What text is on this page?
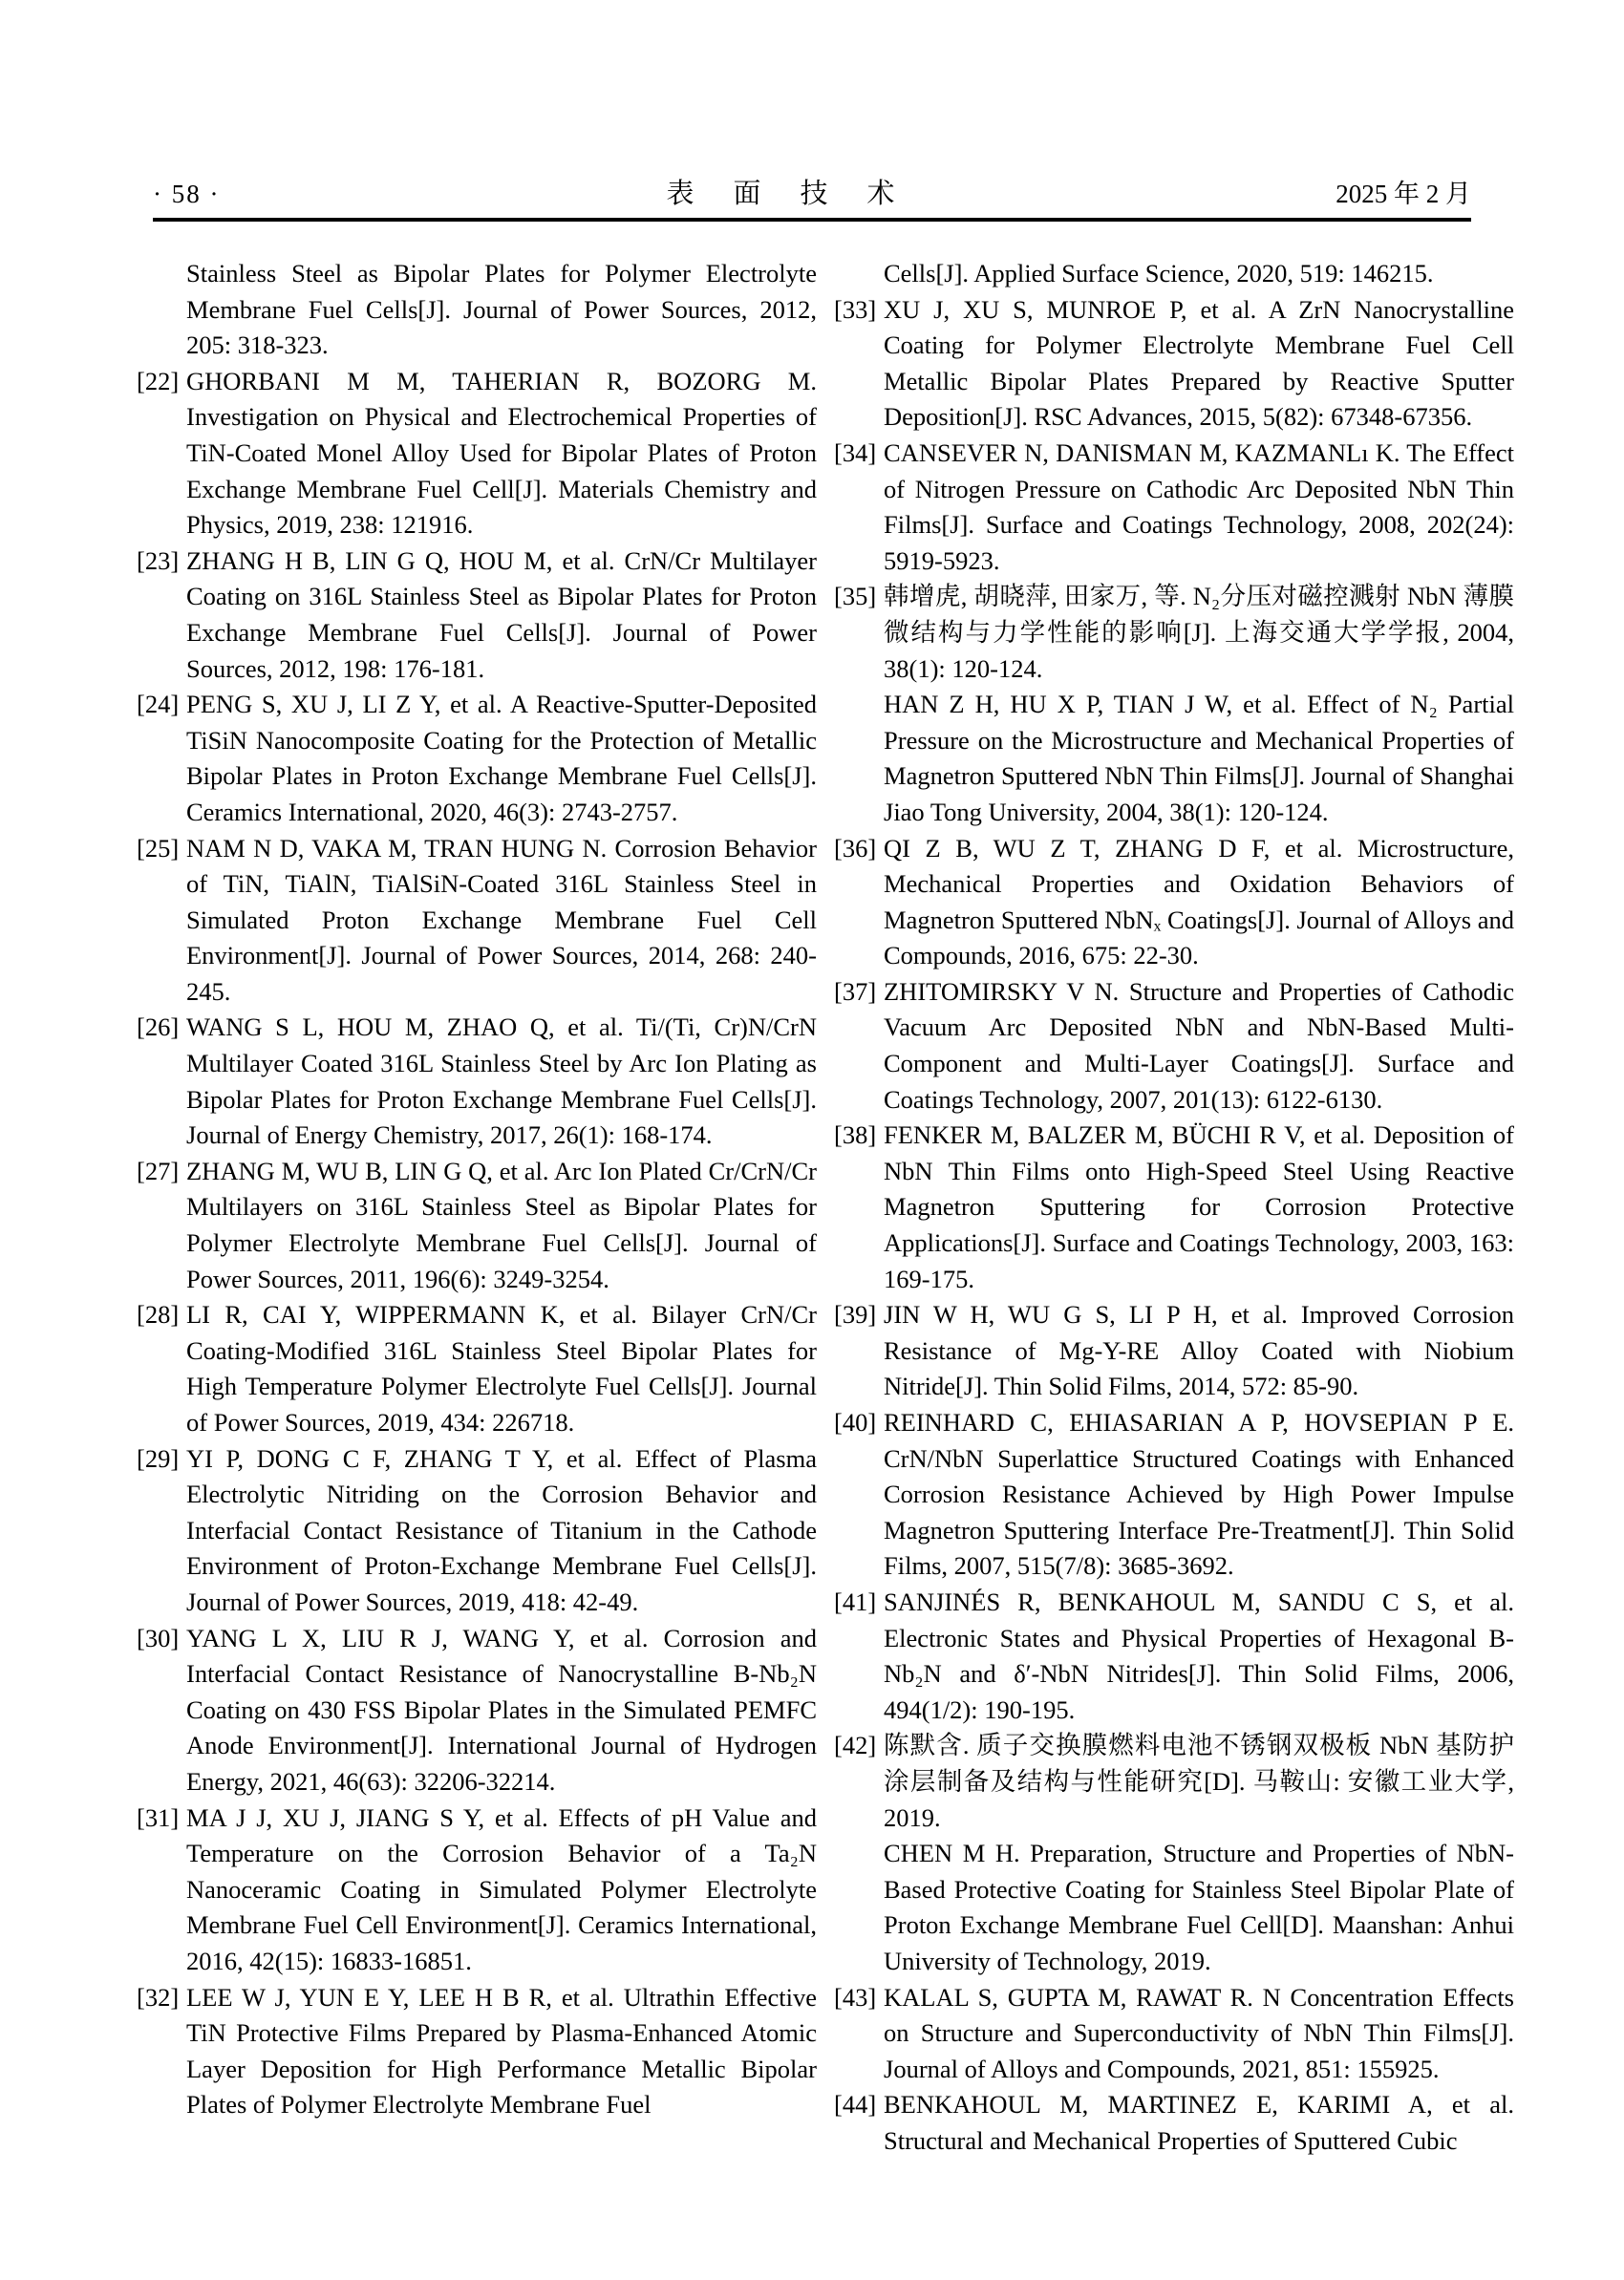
· 58 ·	表　面　技　术	2025 年 2 月
Stainless Steel as Bipolar Plates for Polymer Electrolyte Membrane Fuel Cells[J]. Journal of Power Sources, 2012, 205: 318-323.
[22] GHORBANI M M, TAHERIAN R, BOZORG M. Investigation on Physical and Electrochemical Properties of TiN-Coated Monel Alloy Used for Bipolar Plates of Proton Exchange Membrane Fuel Cell[J]. Materials Chemistry and Physics, 2019, 238: 121916.
[23] ZHANG H B, LIN G Q, HOU M, et al. CrN/Cr Multilayer Coating on 316L Stainless Steel as Bipolar Plates for Proton Exchange Membrane Fuel Cells[J]. Journal of Power Sources, 2012, 198: 176-181.
[24] PENG S, XU J, LI Z Y, et al. A Reactive-Sputter-Deposited TiSiN Nanocomposite Coating for the Protection of Metallic Bipolar Plates in Proton Exchange Membrane Fuel Cells[J]. Ceramics International, 2020, 46(3): 2743-2757.
[25] NAM N D, VAKA M, TRAN HUNG N. Corrosion Behavior of TiN, TiAlN, TiAlSiN-Coated 316L Stainless Steel in Simulated Proton Exchange Membrane Fuel Cell Environment[J]. Journal of Power Sources, 2014, 268: 240-245.
[26] WANG S L, HOU M, ZHAO Q, et al. Ti/(Ti, Cr)N/CrN Multilayer Coated 316L Stainless Steel by Arc Ion Plating as Bipolar Plates for Proton Exchange Membrane Fuel Cells[J]. Journal of Energy Chemistry, 2017, 26(1): 168-174.
[27] ZHANG M, WU B, LIN G Q, et al. Arc Ion Plated Cr/CrN/Cr Multilayers on 316L Stainless Steel as Bipolar Plates for Polymer Electrolyte Membrane Fuel Cells[J]. Journal of Power Sources, 2011, 196(6): 3249-3254.
[28] LI R, CAI Y, WIPPERMANN K, et al. Bilayer CrN/Cr Coating-Modified 316L Stainless Steel Bipolar Plates for High Temperature Polymer Electrolyte Fuel Cells[J]. Journal of Power Sources, 2019, 434: 226718.
[29] YI P, DONG C F, ZHANG T Y, et al. Effect of Plasma Electrolytic Nitriding on the Corrosion Behavior and Interfacial Contact Resistance of Titanium in the Cathode Environment of Proton-Exchange Membrane Fuel Cells[J]. Journal of Power Sources, 2019, 418: 42-49.
[30] YANG L X, LIU R J, WANG Y, et al. Corrosion and Interfacial Contact Resistance of Nanocrystalline B-Nb₂N Coating on 430 FSS Bipolar Plates in the Simulated PEMFC Anode Environment[J]. International Journal of Hydrogen Energy, 2021, 46(63): 32206-32214.
[31] MA J J, XU J, JIANG S Y, et al. Effects of pH Value and Temperature on the Corrosion Behavior of a Ta₂N Nanoceramic Coating in Simulated Polymer Electrolyte Membrane Fuel Cell Environment[J]. Ceramics International, 2016, 42(15): 16833-16851.
[32] LEE W J, YUN E Y, LEE H B R, et al. Ultrathin Effective TiN Protective Films Prepared by Plasma-Enhanced Atomic Layer Deposition for High Performance Metallic Bipolar Plates of Polymer Electrolyte Membrane Fuel
Cells[J]. Applied Surface Science, 2020, 519: 146215.
[33] XU J, XU S, MUNROE P, et al. A ZrN Nanocrystalline Coating for Polymer Electrolyte Membrane Fuel Cell Metallic Bipolar Plates Prepared by Reactive Sputter Deposition[J]. RSC Advances, 2015, 5(82): 67348-67356.
[34] CANSEVER N, DANISMAN M, KAZMANLı K. The Effect of Nitrogen Pressure on Cathodic Arc Deposited NbN Thin Films[J]. Surface and Coatings Technology, 2008, 202(24): 5919-5923.
[35] 韩增虎, 胡晓萍, 田家万, 等. N₂分压对磁控溅射 NbN 薄膜微结构与力学性能的影响[J]. 上海交通大学学报, 2004, 38(1): 120-124.
HAN Z H, HU X P, TIAN J W, et al. Effect of N₂ Partial Pressure on the Microstructure and Mechanical Properties of Magnetron Sputtered NbN Thin Films[J]. Journal of Shanghai Jiao Tong University, 2004, 38(1): 120-124.
[36] QI Z B, WU Z T, ZHANG D F, et al. Microstructure, Mechanical Properties and Oxidation Behaviors of Magnetron Sputtered NbNₓ Coatings[J]. Journal of Alloys and Compounds, 2016, 675: 22-30.
[37] ZHITOMIRSKY V N. Structure and Properties of Cathodic Vacuum Arc Deposited NbN and NbN-Based Multi-Component and Multi-Layer Coatings[J]. Surface and Coatings Technology, 2007, 201(13): 6122-6130.
[38] FENKER M, BALZER M, BÜCHI R V, et al. Deposition of NbN Thin Films onto High-Speed Steel Using Reactive Magnetron Sputtering for Corrosion Protective Applications[J]. Surface and Coatings Technology, 2003, 163: 169-175.
[39] JIN W H, WU G S, LI P H, et al. Improved Corrosion Resistance of Mg-Y-RE Alloy Coated with Niobium Nitride[J]. Thin Solid Films, 2014, 572: 85-90.
[40] REINHARD C, EHIASARIAN A P, HOVSEPIAN P E. CrN/NbN Superlattice Structured Coatings with Enhanced Corrosion Resistance Achieved by High Power Impulse Magnetron Sputtering Interface Pre-Treatment[J]. Thin Solid Films, 2007, 515(7/8): 3685-3692.
[41] SANJINÉS R, BENKAHOUL M, SANDU C S, et al. Electronic States and Physical Properties of Hexagonal B-Nb₂N and δ′-NbN Nitrides[J]. Thin Solid Films, 2006, 494(1/2): 190-195.
[42] 陈默含. 质子交换膜燃料电池不锈钢双极板 NbN 基防护涂层制备及结构与性能研究[D]. 马鞍山: 安徽工业大学, 2019.
CHEN M H. Preparation, Structure and Properties of NbN-Based Protective Coating for Stainless Steel Bipolar Plate of Proton Exchange Membrane Fuel Cell[D]. Maanshan: Anhui University of Technology, 2019.
[43] KALAL S, GUPTA M, RAWAT R. N Concentration Effects on Structure and Superconductivity of NbN Thin Films[J]. Journal of Alloys and Compounds, 2021, 851: 155925.
[44] BENKAHOUL M, MARTINEZ E, KARIMI A, et al. Structural and Mechanical Properties of Sputtered Cubic
